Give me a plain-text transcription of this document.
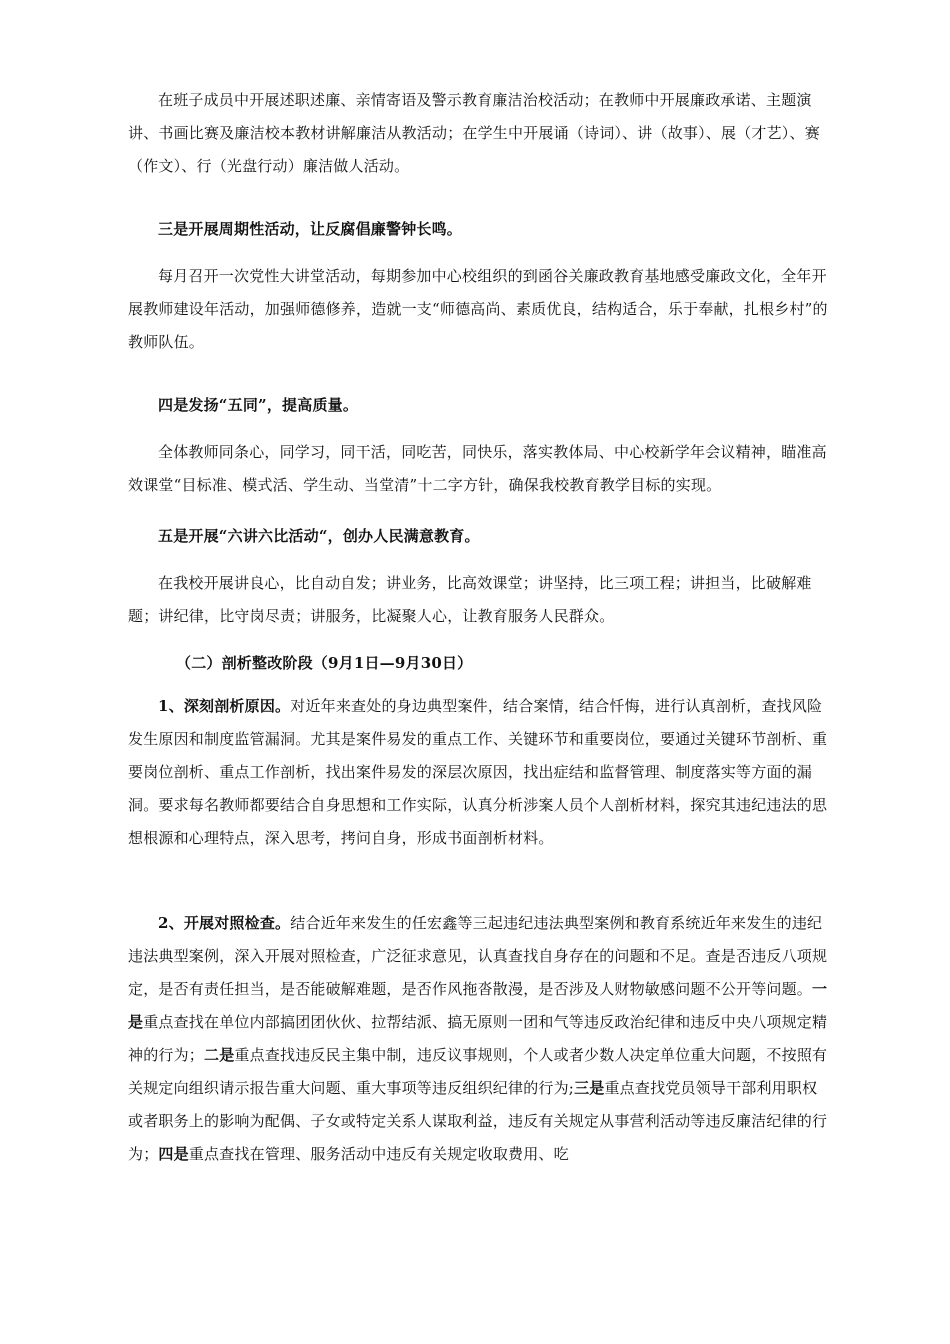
在班子成员中开展述职述廉、亲情寄语及警示教育廉洁治校活动；在教师中开展廉政承诺、主题演讲、书画比赛及廉洁校本教材讲解廉洁从教活动；在学生中开展诵（诗词）、讲（故事）、展（才艺）、赛（作文）、行（光盘行动）廉洁做人活动。

三是开展周期性活动，让反腐倡廉警钟长鸣。

每月召开一次党性大讲堂活动，每期参加中心校组织的到函谷关廉政教育基地感受廉政文化，全年开展教师建设年活动，加强师德修养，造就一支“师德高尚、素质优良，结构适合，乐于奉献，扎根乡村”的教师队伍。

四是发扬“五同”，提高质量。

全体教师同条心，同学习，同干活，同吃苦，同快乐，落实教体局、中心校新学年会议精神，瞄准高效课堂“目标准、模式活、学生动、当堂清”十二字方针，确保我校教育教学目标的实现。

五是开展“六讲六比活动“，创办人民满意教育。

在我校开展讲良心，比自动自发；讲业务，比高效课堂；讲坚持，比三项工程；讲担当，比破解难题；讲纪律，比守岗尽责；讲服务，比凝聚人心，让教育服务人民群众。

（二）剖析整改阶段（9月1日—9月30日）

1、深刻剖析原因。对近年来查处的身边典型案件，结合案情，结合忏悔，进行认真剖析，查找风险发生原因和制度监管漏洞。尤其是案件易发的重点工作、关键环节和重要岗位，要通过关键环节剖析、重要岗位剖析、重点工作剖析，找出案件易发的深层次原因，找出症结和监督管理、制度落实等方面的漏洞。要求每名教师都要结合自身思想和工作实际，认真分析涉案人员个人剖析材料，探究其违纪违法的思想根源和心理特点，深入思考，拷问自身，形成书面剖析材料。

2、开展对照检查。结合近年来发生的任宏鑫等三起违纪违法典型案例和教育系统近年来发生的违纪违法典型案例，深入开展对照检查，广泛征求意见，认真查找自身存在的问题和不足。查是否违反八项规定，是否有责任担当，是否能破解难题，是否作风拖沓散漫，是否涉及人财物敏感问题不公开等问题。一是重点查找在单位内部搞团团伙伙、拉帮结派、搞无原则一团和气等违反政治纪律和违反中央八项规定精神的行为；二是重点查找违反民主集中制，违反议事规则，个人或者少数人决定单位重大问题，不按照有关规定向组织请示报告重大问题、重大事项等违反组织纪律的行为;三是重点查找党员领导干部利用职权或者职务上的影响为配偶、子女或特定关系人谋取利益，违反有关规定从事营利活动等违反廉洁纪律的行为；四是重点查找在管理、服务活动中违反有关规定收取费用、吃
